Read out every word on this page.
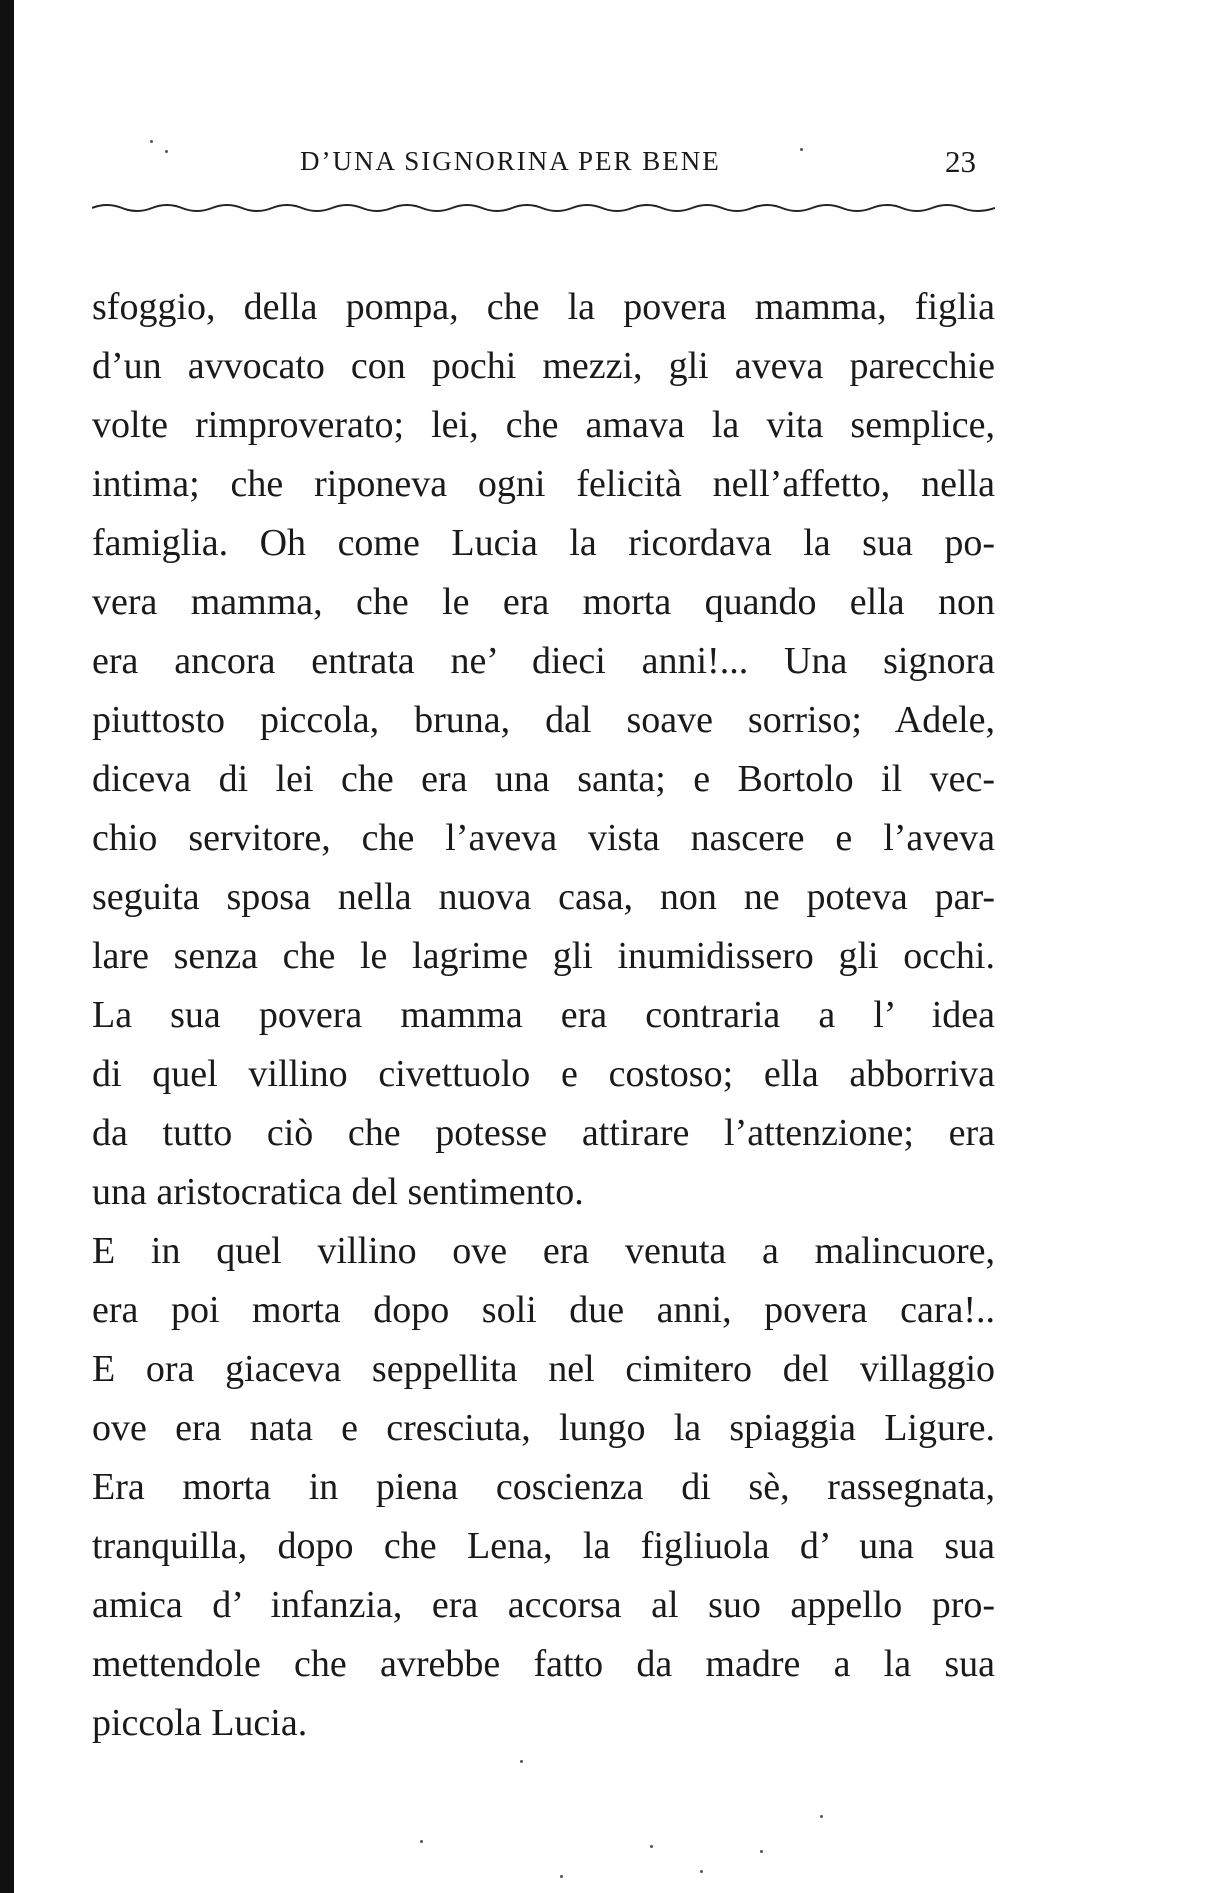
D’UNA SIGNORINA PER BENE	23
sfoggio, della pompa, che la povera mamma, figlia
d’un avvocato con pochi mezzi, gli aveva parecchie
volte rimproverato; lei, che amava la vita semplice,
intima; che riponeva ogni felicità nell’affetto, nella
famiglia. Oh come Lucia la ricordava la sua po-
vera mamma, che le era morta quando ella non
era ancora entrata ne’ dieci anni!... Una signora
piuttosto piccola, bruna, dal soave sorriso; Adele,
diceva di lei che era una santa; e Bortolo il vec-
chio servitore, che l’aveva vista nascere e l’aveva
seguita sposa nella nuova casa, non ne poteva par-
lare senza che le lagrime gli inumidissero gli occhi.
La sua povera mamma era contraria a l’ idea
di quel villino civettuolo e costoso; ella abborriva
da tutto ciò che potesse attirare l’attenzione; era
una aristocratica del sentimento.
E in quel villino ove era venuta a malincuore,
era poi morta dopo soli due anni, povera cara!..
E ora giaceva seppellita nel cimitero del villaggio
ove era nata e cresciuta, lungo la spiaggia Ligure.
Era morta in piena coscienza di sè, rassegnata,
tranquilla, dopo che Lena, la figliuola d’ una sua
amica d’ infanzia, era accorsa al suo appello pro-
mettendole che avrebbe fatto da madre a la sua
piccola Lucia.
